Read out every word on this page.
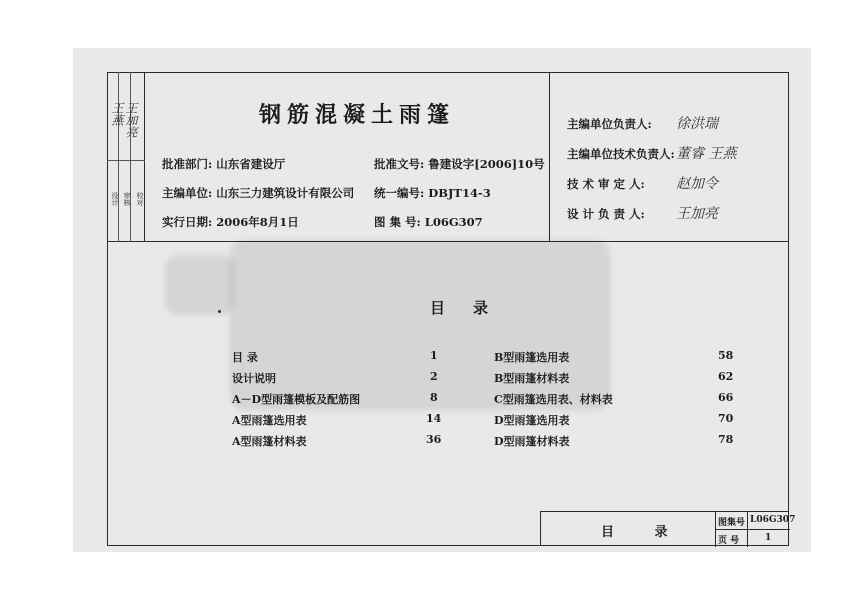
设计 审核 校对
王燕 王加亮	钢筋混凝土雨篷
批准部门: 山东省建设厅	批准文号: 鲁建设字[2006]10号
主编单位: 山东三力建筑设计有限公司 统一编号: DBJT14-3
实行日期: 2006年8月1日	图 集 号: L06G307
主编单位负责人: 徐洪瑞
主编单位技术负责人: 董睿 王燕
技 术 审 定 人: 赵加令
设 计 负 责 人: 王加亮
目录
目 录	1
设计说明	2
A－D型雨篷模板及配筋图	8
A型雨篷选用表	14
A型雨篷材料表	36
B型雨篷选用表	58
B型雨篷材料表	62
C型雨篷选用表、材料表	66
D型雨篷选用表	70
D型雨篷材料表	78
目 录
图集号 L06G307
页 号	1
